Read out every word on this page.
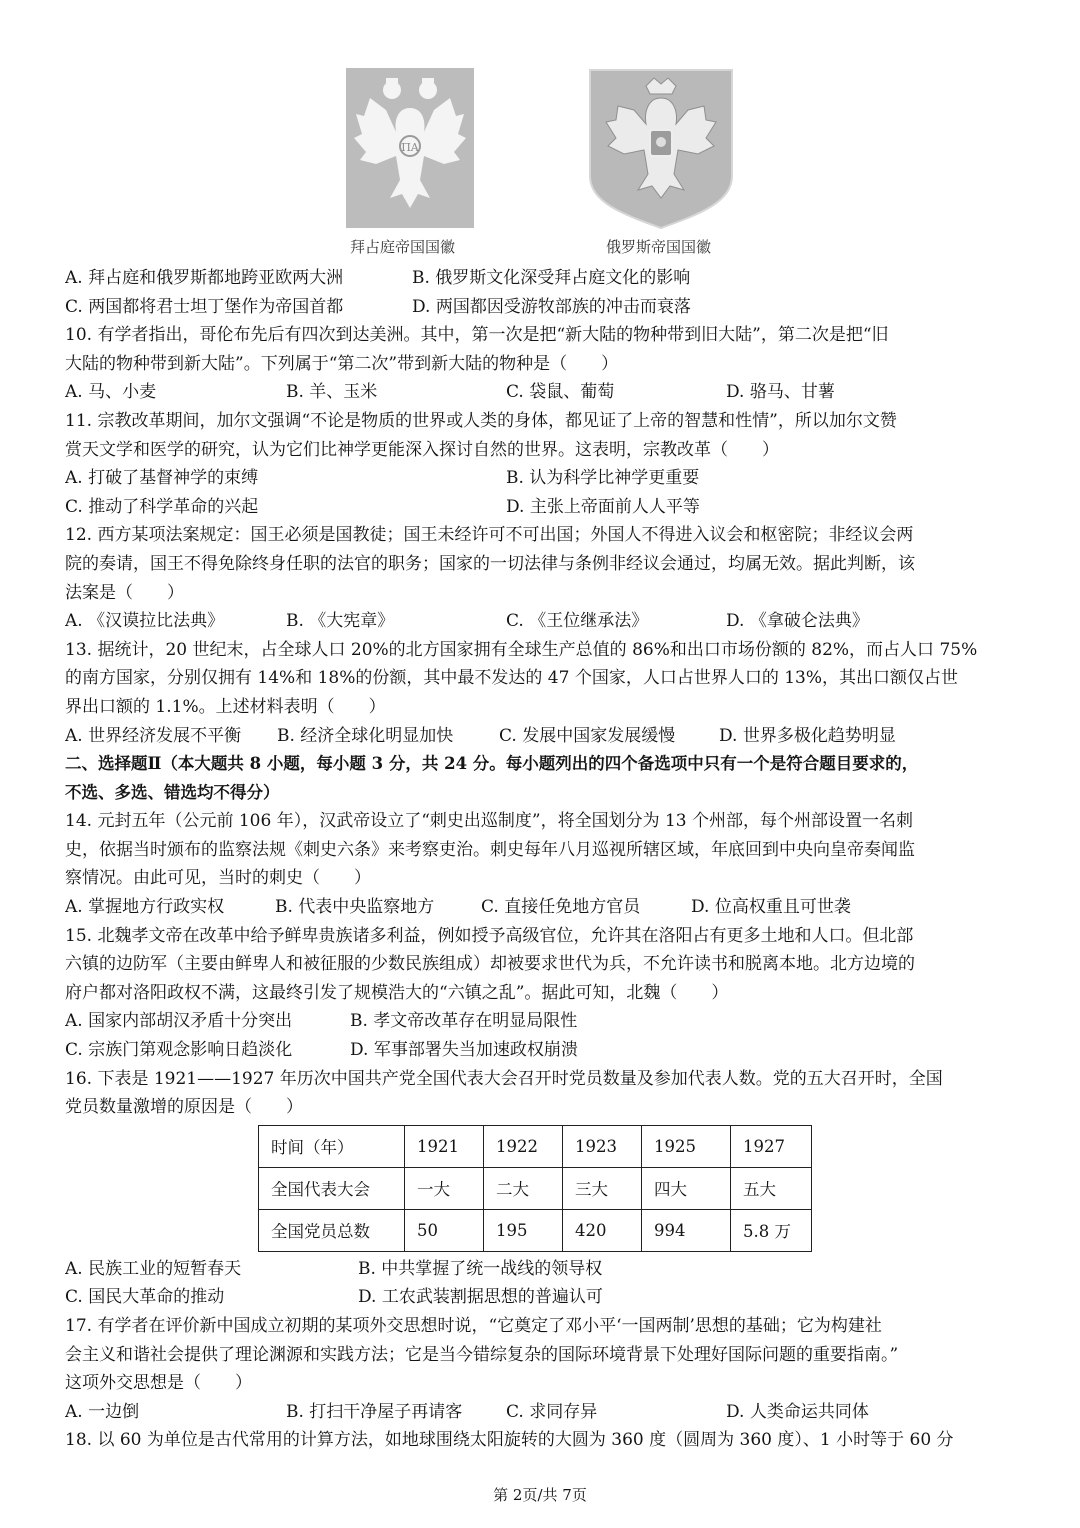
ΠΑ
拜占庭帝国国徽	俄罗斯帝国国徽
A. 拜占庭和俄罗斯都地跨亚欧两大洲	B. 俄罗斯文化深受拜占庭文化的影响
C. 两国都将君士坦丁堡作为帝国首都	D. 两国都因受游牧部族的冲击而衰落
10. 有学者指出，哥伦布先后有四次到达美洲。其中，第一次是把“新大陆的物种带到旧大陆”，第二次是把“旧
大陆的物种带到新大陆”。下列属于“第二次”带到新大陆的物种是（　　）
A. 马、小麦	B. 羊、玉米	C. 袋鼠、葡萄	D. 骆马、甘薯
11. 宗教改革期间，加尔文强调“不论是物质的世界或人类的身体，都见证了上帝的智慧和性情”，所以加尔文赞
赏天文学和医学的研究，认为它们比神学更能深入探讨自然的世界。这表明，宗教改革（　　）
A. 打破了基督神学的束缚	B. 认为科学比神学更重要
C. 推动了科学革命的兴起	D. 主张上帝面前人人平等
12. 西方某项法案规定：国王必须是国教徒；国王未经许可不可出国；外国人不得进入议会和枢密院；非经议会两
院的奏请，国王不得免除终身任职的法官的职务；国家的一切法律与条例非经议会通过，均属无效。据此判断，该
法案是（　　）
A. 《汉谟拉比法典》	B. 《大宪章》	C. 《王位继承法》	D. 《拿破仑法典》
13. 据统计，20 世纪末，占全球人口 20%的北方国家拥有全球生产总值的 86%和出口市场份额的 82%，而占人口 75%
的南方国家，分别仅拥有 14%和 18%的份额，其中最不发达的 47 个国家，人口占世界人口的 13%，其出口额仅占世
界出口额的 1.1%。上述材料表明（　　）
A. 世界经济发展不平衡 B. 经济全球化明显加快	C. 发展中国家发展缓慢	D. 世界多极化趋势明显
二、选择题Ⅱ（本大题共 8 小题，每小题 3 分，共 24 分。每小题列出的四个备选项中只有一个是符合题目要求的，
不选、多选、错选均不得分）
14. 元封五年（公元前 106 年），汉武帝设立了“刺史出巡制度”，将全国划分为 13 个州部，每个州部设置一名刺
史，依据当时颁布的监察法规《刺史六条》来考察吏治。刺史每年八月巡视所辖区域，年底回到中央向皇帝奏闻监
察情况。由此可见，当时的刺史（　　）
A. 掌握地方行政实权	B. 代表中央监察地方	C. 直接任免地方官员	D. 位高权重且可世袭
15. 北魏孝文帝在改革中给予鲜卑贵族诸多利益，例如授予高级官位，允许其在洛阳占有更多土地和人口。但北部
六镇的边防军（主要由鲜卑人和被征服的少数民族组成）却被要求世代为兵，不允许读书和脱离本地。北方边境的
府户都对洛阳政权不满，这最终引发了规模浩大的“六镇之乱”。据此可知，北魏（　　）
A. 国家内部胡汉矛盾十分突出	B. 孝文帝改革存在明显局限性
C. 宗族门第观念影响日趋淡化	D. 军事部署失当加速政权崩溃
16. 下表是 1921——1927 年历次中国共产党全国代表大会召开时党员数量及参加代表人数。党的五大召开时，全国
党员数量激增的原因是（　　）
时间（年）	1921	1922	1923	1925	1927
全国代表大会	一大	二大	三大	四大	五大
全国党员总数	50	195	420	994	5.8 万
A. 民族工业的短暂春天	B. 中共掌握了统一战线的领导权
C. 国民大革命的推动	D. 工农武装割据思想的普遍认可
17. 有学者在评价新中国成立初期的某项外交思想时说，“它奠定了邓小平‘一国两制’思想的基础；它为构建社
会主义和谐社会提供了理论渊源和实践方法；它是当今错综复杂的国际环境背景下处理好国际问题的重要指南。”
这项外交思想是（　　）
A. 一边倒	B. 打扫干净屋子再请客	C. 求同存异	D. 人类命运共同体
18. 以 60 为单位是古代常用的计算方法，如地球围绕太阳旋转的大圆为 360 度（圆周为 360 度）、1 小时等于 60 分
第 2页/共 7页
